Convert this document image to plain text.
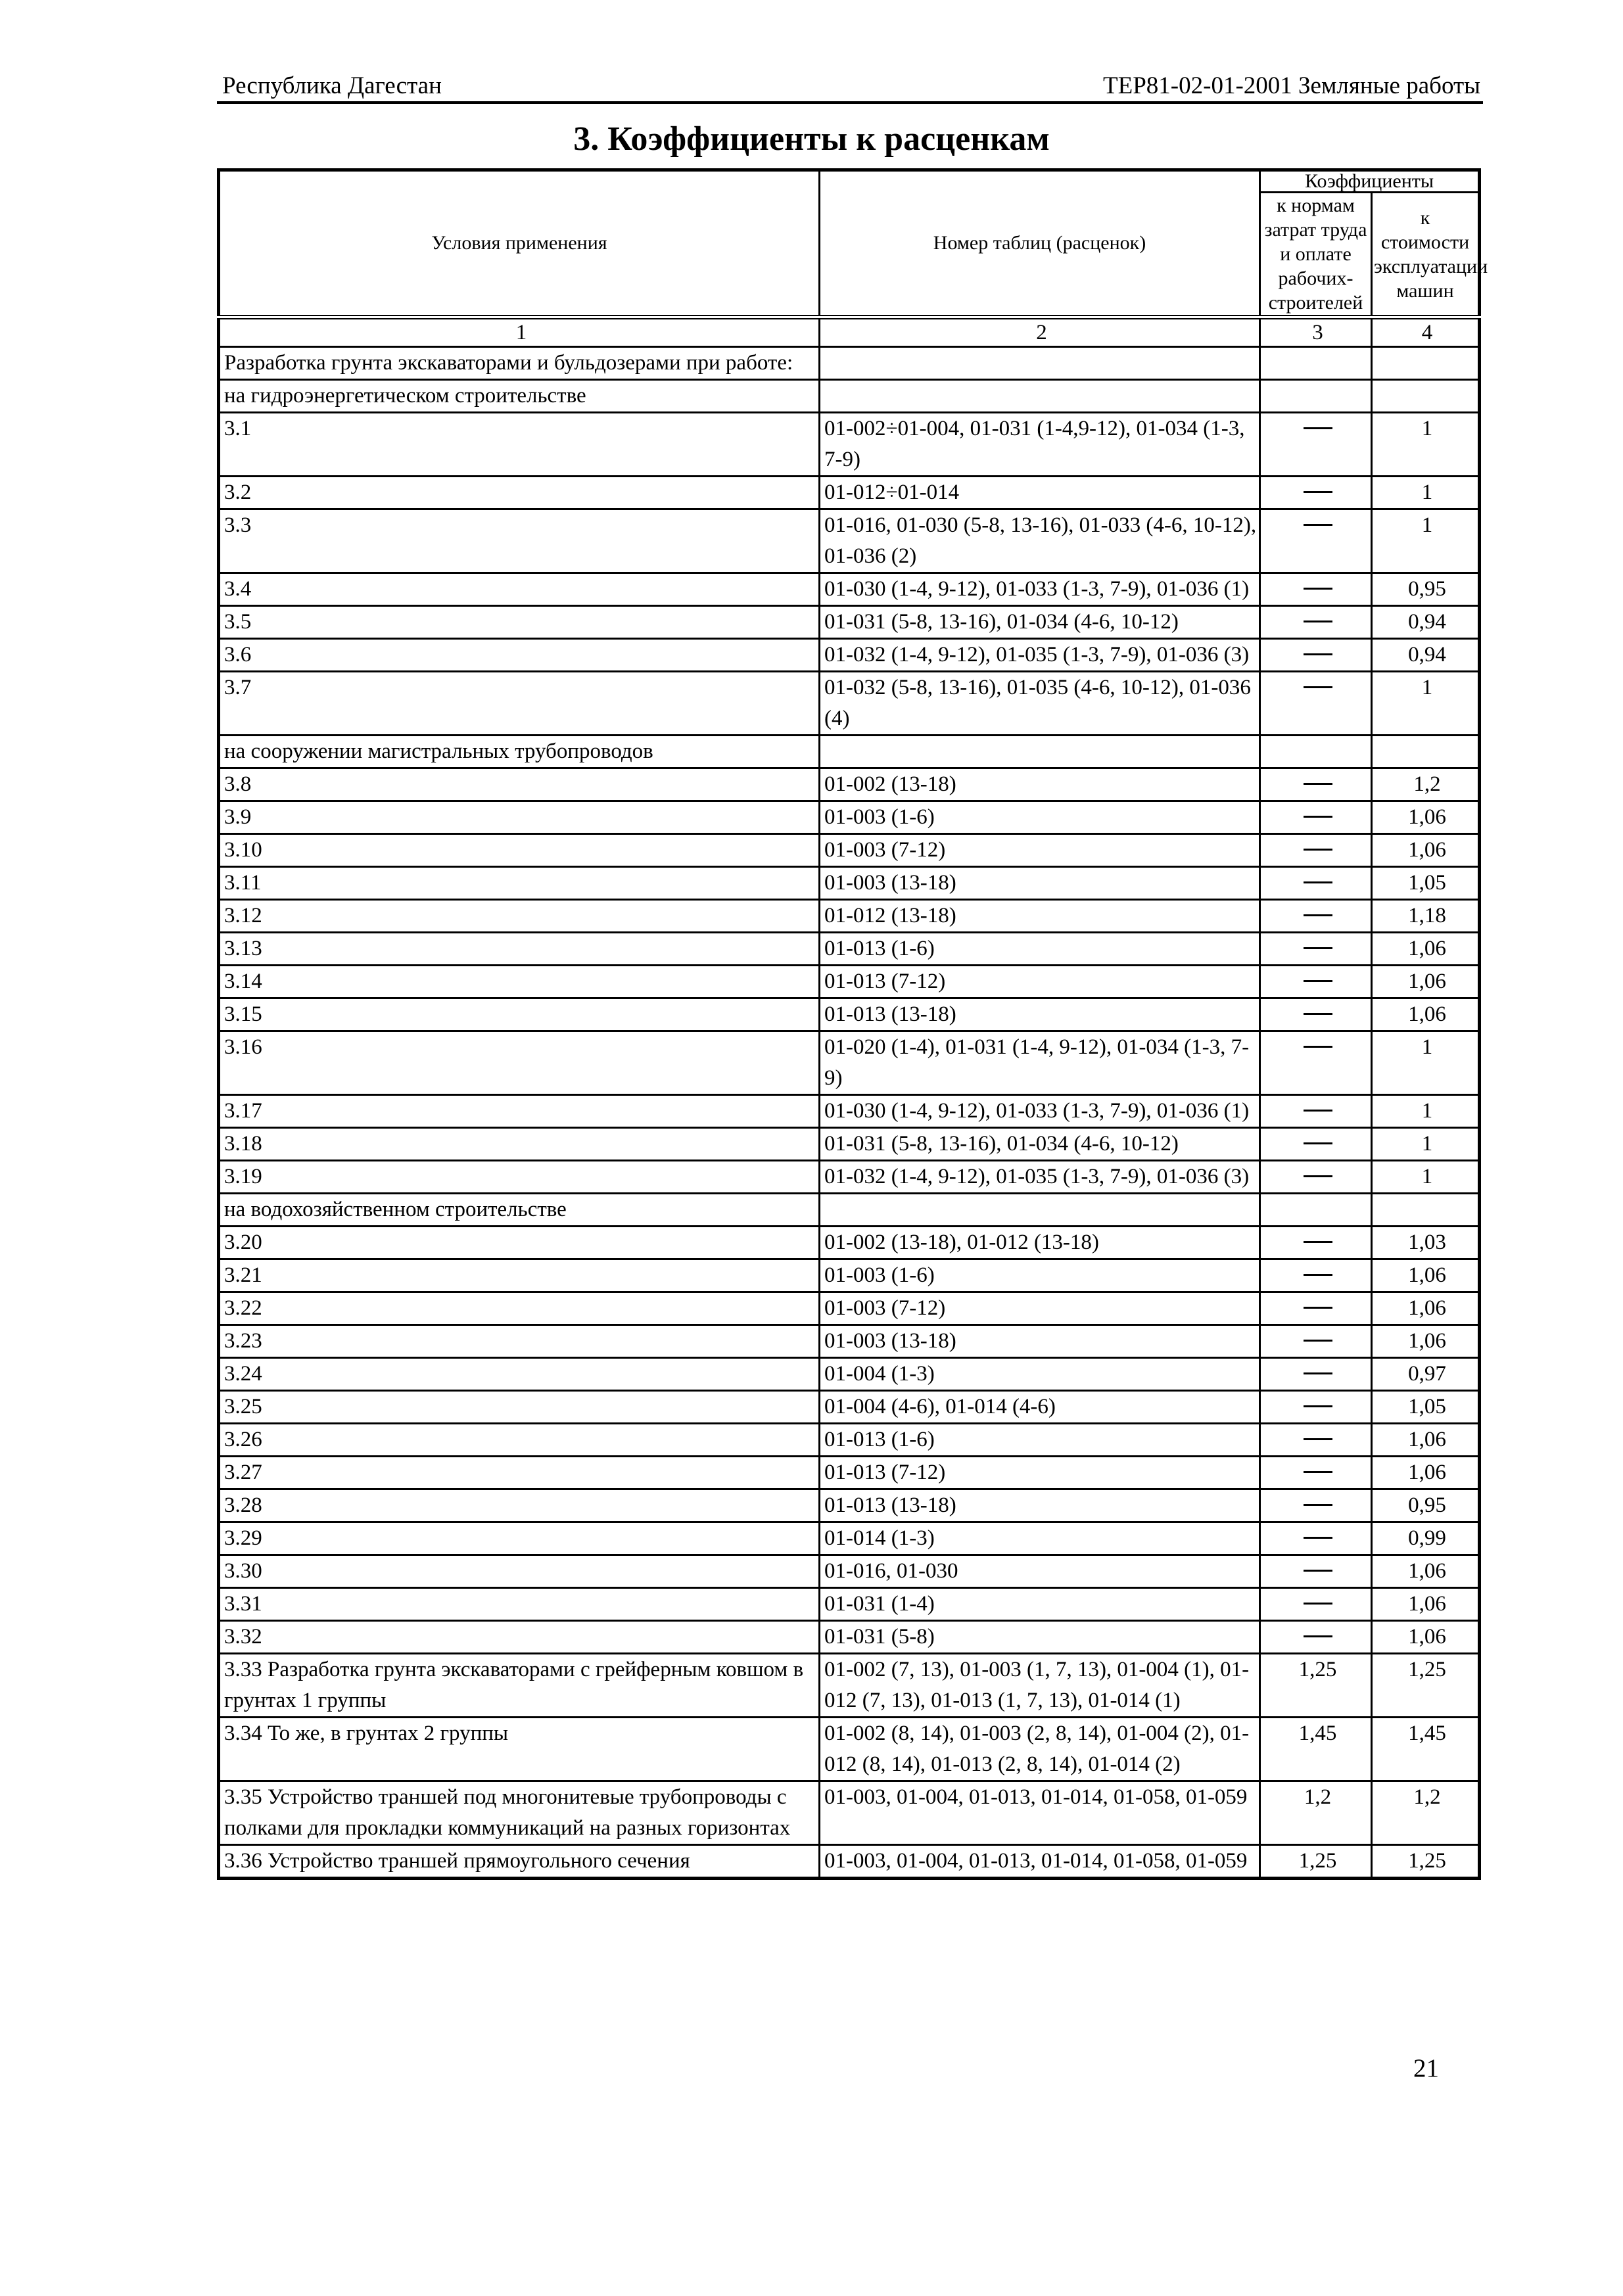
Республика Дагестан	ТЕР81-02-01-2001 Земляные работы
3. Коэффициенты к расценкам
Условия применения	Номер таблиц (расценок)	Коэффициенты	
		к нормам затрат труда и оплате рабочих-строителей	к стоимости эксплуатации машин
1	2	3	4
Разработка грунта экскаваторами и бульдозерами при работе:			
на гидроэнергетическом строительстве			
3.1	01-002÷01-004, 01-031 (1-4,9-12), 01-034 (1-3, 7-9)		1
3.2	01-012÷01-014		1
3.3	01-016, 01-030 (5-8, 13-16), 01-033 (4-6, 10-12), 01-036 (2)		1
3.4	01-030 (1-4, 9-12), 01-033 (1-3, 7-9), 01-036 (1)		0,95
3.5	01-031 (5-8, 13-16), 01-034 (4-6, 10-12)		0,94
3.6	01-032 (1-4, 9-12), 01-035 (1-3, 7-9), 01-036 (3)		0,94
3.7	01-032 (5-8, 13-16), 01-035 (4-6, 10-12), 01-036 (4)		1
на сооружении магистральных трубопроводов			
3.8	01-002 (13-18)		1,2
3.9	01-003 (1-6)		1,06
3.10	01-003 (7-12)		1,06
3.11	01-003 (13-18)		1,05
3.12	01-012 (13-18)		1,18
3.13	01-013 (1-6)		1,06
3.14	01-013 (7-12)		1,06
3.15	01-013 (13-18)		1,06
3.16	01-020 (1-4), 01-031 (1-4, 9-12), 01-034 (1-3, 7-9)		1
3.17	01-030 (1-4, 9-12), 01-033 (1-3, 7-9), 01-036 (1)		1
3.18	01-031 (5-8, 13-16), 01-034 (4-6, 10-12)		1
3.19	01-032 (1-4, 9-12), 01-035 (1-3, 7-9), 01-036 (3)		1
на водохозяйственном строительстве			
3.20	01-002 (13-18), 01-012 (13-18)		1,03
3.21	01-003 (1-6)		1,06
3.22	01-003 (7-12)		1,06
3.23	01-003 (13-18)		1,06
3.24	01-004 (1-3)		0,97
3.25	01-004 (4-6), 01-014 (4-6)		1,05
3.26	01-013 (1-6)		1,06
3.27	01-013 (7-12)		1,06
3.28	01-013 (13-18)		0,95
3.29	01-014 (1-3)		0,99
3.30	01-016, 01-030		1,06
3.31	01-031 (1-4)		1,06
3.32	01-031 (5-8)		1,06
3.33 Разработка грунта экскаваторами с грейферным ковшом в грунтах 1 группы	01-002 (7, 13), 01-003 (1, 7, 13), 01-004 (1), 01-012 (7, 13), 01-013 (1, 7, 13), 01-014 (1)	1,25	1,25
3.34 То же, в грунтах 2 группы	01-002 (8, 14), 01-003 (2, 8, 14), 01-004 (2), 01-012 (8, 14), 01-013 (2, 8, 14), 01-014 (2)	1,45	1,45
3.35 Устройство траншей под многонитевые трубопроводы с полками для прокладки коммуникаций на разных горизонтах	01-003, 01-004, 01-013, 01-014, 01-058, 01-059	1,2	1,2
3.36 Устройство траншей прямоугольного сечения	01-003, 01-004, 01-013, 01-014, 01-058, 01-059	1,25	1,25
21
